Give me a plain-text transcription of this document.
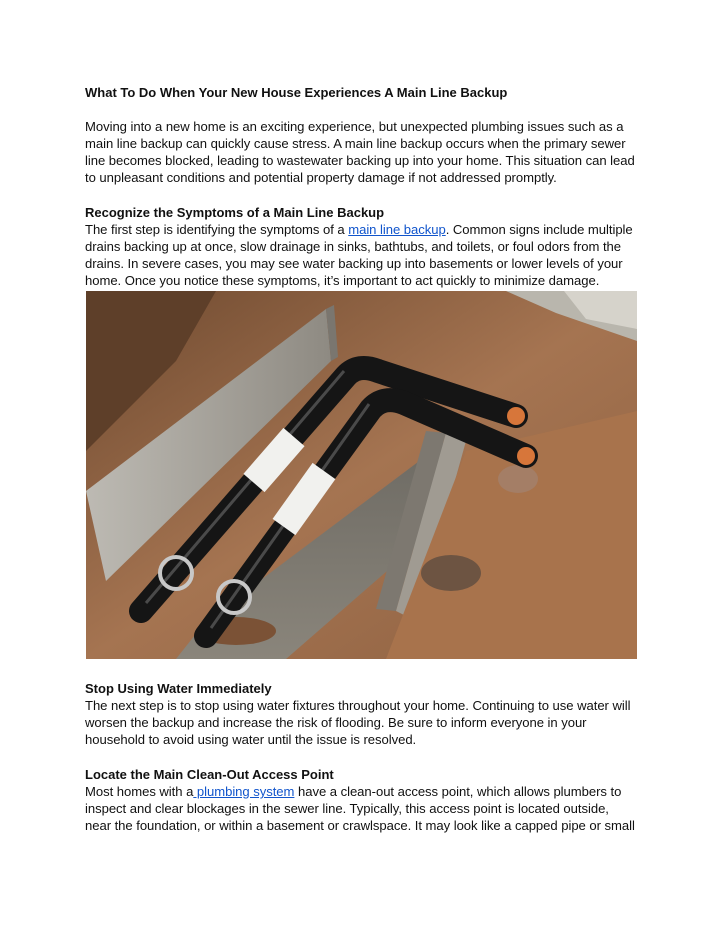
What To Do When Your New House Experiences A Main Line Backup

Moving into a new home is an exciting experience, but unexpected plumbing issues such as a main line backup can quickly cause stress. A main line backup occurs when the primary sewer line becomes blocked, leading to wastewater backing up into your home. This situation can lead to unpleasant conditions and potential property damage if not addressed promptly.

Recognize the Symptoms of a Main Line Backup

The first step is identifying the symptoms of a main line backup. Common signs include multiple drains backing up at once, slow drainage in sinks, bathtubs, and toilets, or foul odors from the drains. In severe cases, you may see water backing up into basements or lower levels of your home. Once you notice these symptoms, it’s important to act quickly to minimize damage.

Stop Using Water Immediately

The next step is to stop using water fixtures throughout your home. Continuing to use water will worsen the backup and increase the risk of flooding. Be sure to inform everyone in your household to avoid using water until the issue is resolved.

Locate the Main Clean-Out Access Point

Most homes with a plumbing system have a clean-out access point, which allows plumbers to inspect and clear blockages in the sewer line. Typically, this access point is located outside, near the foundation, or within a basement or crawlspace. It may look like a capped pipe or small
